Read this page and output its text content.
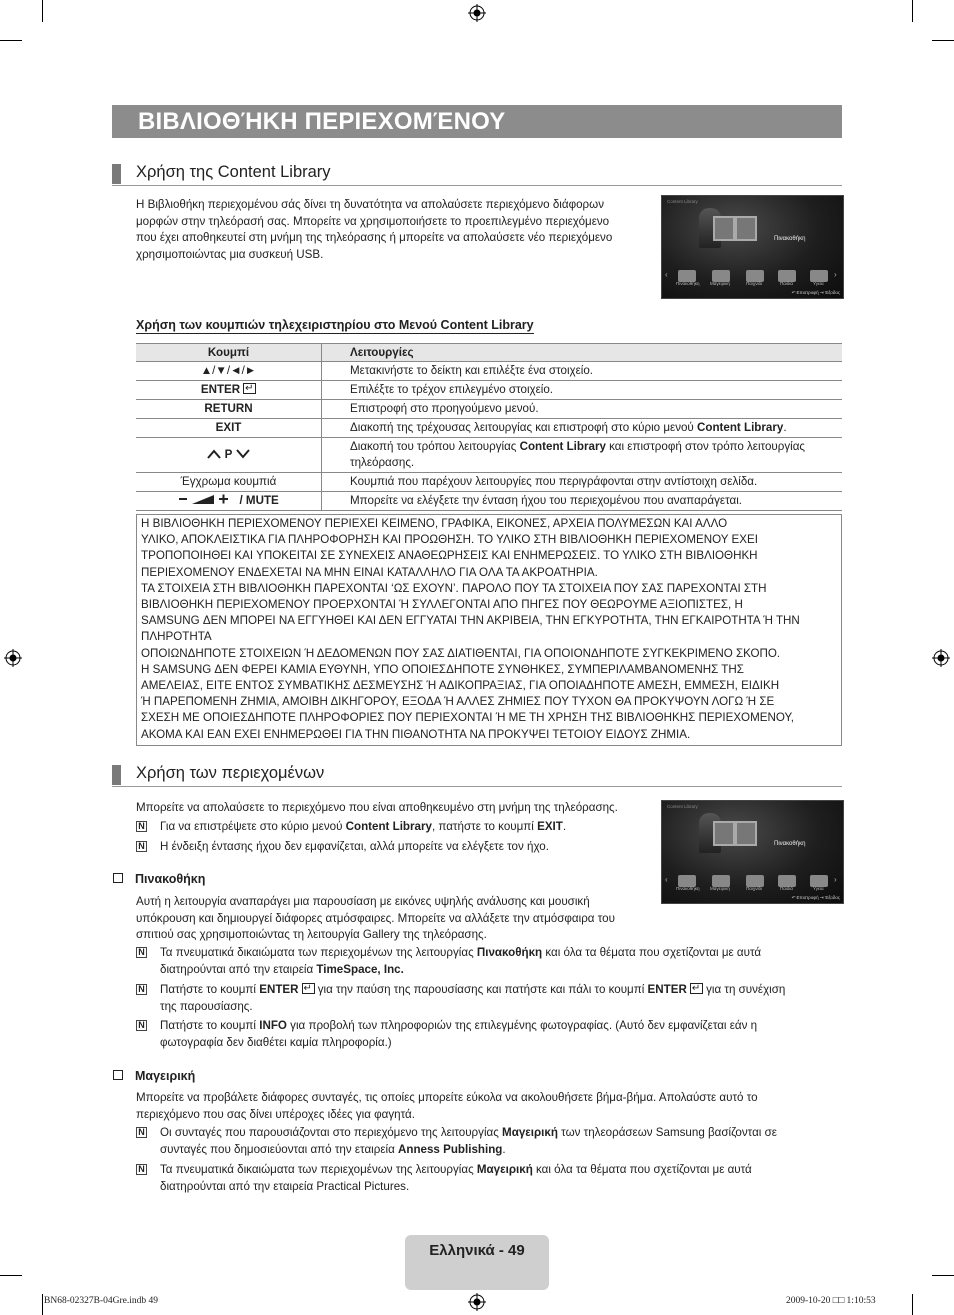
ΒΙΒΛΙΟΘΉΚΗ ΠΕΡΙΕΧΟΜΈΝΟΥ
Χρήση της Content Library

Η Βιβλιοθήκη περιεχομένου σάς δίνει τη δυνατότητα να απολαύσετε περιεχόμενο διάφορων

μορφών στην τηλεόρασή σας. Μπορείτε να χρησιμοποιήσετε το προεπιλεγμένο περιεχόμενο

που έχει αποθηκευτεί στη μνήμη της τηλεόρασης ή μπορείτε να απολαύσετε νέο περιεχόμενο

χρησιμοποιώντας μια συσκευή USB.

Content Library
Πινακοθήκη
‹	›
Πινακοθήκη Μαγειρική	Παιχνίδι	Παιδιά	Υγεία
↶ Επιστροφή ⇥ Έξοδος
Χρήση των κουμπιών τηλεχειριστηρίου στο Μενού Content Library
Κουμπί	Λειτουργίες
▲/▼/◄/►	Μετακινήστε το δείκτη και επιλέξτε ένα στοιχείο.
ENTER↵	Επιλέξτε το τρέχον επιλεγμένο στοιχείο.
RETURN	Επιστροφή στο προηγούμενο μενού.
EXIT	Διακοπή της τρέχουσας λειτουργίας και επιστροφή στο κύριο μενού Content Library.
P	Διακοπή του τρόπου λειτουργίας Content Library και επιστροφή στον τρόπο λειτουργίας
τηλεόρασης.
Έγχρωμα κουμπιά	Κουμπιά που παρέχουν λειτουργίες που περιγράφονται στην αντίστοιχη σελίδα.
/ MUTE	Μπορείτε να ελέγξετε την ένταση ήχου του περιεχομένου που αναπαράγεται.
Η ΒΙΒΛΙΟΘΗΚΗ ΠΕΡΙΕΧΟΜΕΝΟΥ ΠΕΡΙΕΧΕΙ ΚΕΙΜΕΝΟ, ΓΡΑΦΙΚΑ, ΕΙΚΟΝΕΣ, ΑΡΧΕΙΑ ΠΟΛΥΜΕΣΩΝ ΚΑΙ ΑΛΛΟ
ΥΛΙΚΟ, ΑΠΟΚΛΕΙΣΤΙΚΑ ΓΙΑ ΠΛΗΡΟΦΟΡΗΣΗ ΚΑΙ ΠΡΟΩΘΗΣΗ. ΤΟ ΥΛΙΚΟ ΣΤΗ ΒΙΒΛΙΟΘΗΚΗ ΠΕΡΙΕΧΟΜΕΝΟΥ ΕΧΕΙ
ΤΡΟΠΟΠΟΙΗΘΕΙ ΚΑΙ ΥΠΟΚΕΙΤΑΙ ΣΕ ΣΥΝΕΧΕΙΣ ΑΝΑΘΕΩΡΗΣΕΙΣ ΚΑΙ ΕΝΗΜΕΡΩΣΕΙΣ. ΤΟ ΥΛΙΚΟ ΣΤΗ ΒΙΒΛΙΟΘΗΚΗ
ΠΕΡΙΕΧΟΜΕΝΟΥ ΕΝΔΕΧΕΤΑΙ ΝΑ ΜΗΝ ΕΙΝΑΙ ΚΑΤΑΛΛΗΛΟ ΓΙΑ ΟΛΑ ΤΑ ΑΚΡΟΑΤΗΡΙΑ.
ΤΑ ΣΤΟΙΧΕΙΑ ΣΤΗ ΒΙΒΛΙΟΘΗΚΗ ΠΑΡΕΧΟΝΤΑΙ ‘ΩΣ ΕΧΟΥΝ’. ΠΑΡΟΛΟ ΠΟΥ ΤΑ ΣΤΟΙΧΕΙΑ ΠΟΥ ΣΑΣ ΠΑΡΕΧΟΝΤΑΙ ΣΤΗ
ΒΙΒΛΙΟΘΗΚΗ ΠΕΡΙΕΧΟΜΕΝΟΥ ΠΡΟΕΡΧΟΝΤΑΙ Ή ΣΥΛΛΕΓΟΝΤΑΙ ΑΠΟ ΠΗΓΕΣ ΠΟΥ ΘΕΩΡΟΥΜΕ ΑΞΙΟΠΙΣΤΕΣ, Η
SAMSUNG ΔΕΝ ΜΠΟΡΕΙ ΝΑ ΕΓΓΥΗΘΕΙ ΚΑΙ ΔΕΝ ΕΓΓΥΑΤΑΙ ΤΗΝ ΑΚΡΙΒΕΙΑ, ΤΗΝ ΕΓΚΥΡΟΤΗΤΑ, ΤΗΝ ΕΓΚΑΙΡΟΤΗΤΑ Ή ΤΗΝ
ΠΛΗΡΟΤΗΤΑ
ΟΠΟΙΩΝΔΗΠΟΤΕ ΣΤΟΙΧΕΙΩΝ Ή ΔΕΔΟΜΕΝΩΝ ΠΟΥ ΣΑΣ ΔΙΑΤΙΘΕΝΤΑΙ, ΓΙΑ ΟΠΟΙΟΝΔΗΠΟΤΕ ΣΥΓΚΕΚΡΙΜΕΝΟ ΣΚΟΠΟ.
Η SAMSUNG ΔΕΝ ΦΕΡΕΙ ΚΑΜΙΑ ΕΥΘΥΝΗ, ΥΠΟ ΟΠΟΙΕΣΔΗΠΟΤΕ ΣΥΝΘΗΚΕΣ, ΣΥΜΠΕΡΙΛΑΜΒΑΝΟΜΕΝΗΣ ΤΗΣ
ΑΜΕΛΕΙΑΣ, ΕΙΤΕ ΕΝΤΟΣ ΣΥΜΒΑΤΙΚΗΣ ΔΕΣΜΕΥΣΗΣ Ή ΑΔΙΚΟΠΡΑΞΙΑΣ, ΓΙΑ ΟΠΟΙΑΔΗΠΟΤΕ ΑΜΕΣΗ, ΕΜΜΕΣΗ, ΕΙΔΙΚΗ
Ή ΠΑΡΕΠΟΜΕΝΗ ΖΗΜΙΑ, ΑΜΟΙΒΗ ΔΙΚΗΓΟΡΟΥ, ΕΞΟΔΑ Ή ΑΛΛΕΣ ΖΗΜΙΕΣ ΠΟΥ ΤΥΧΟΝ ΘΑ ΠΡΟΚΥΨΟΥΝ ΛΟΓΩ Ή ΣΕ
ΣΧΕΣΗ ΜΕ ΟΠΟΙΕΣΔΗΠΟΤΕ ΠΛΗΡΟΦΟΡΙΕΣ ΠΟΥ ΠΕΡΙΕΧΟΝΤΑΙ Ή ΜΕ ΤΗ ΧΡΗΣΗ ΤΗΣ ΒΙΒΛΙΟΘΗΚΗΣ ΠΕΡΙΕΧΟΜΕΝΟΥ,
ΑΚΟΜΑ ΚΑΙ ΕΑΝ ΕΧΕΙ ΕΝΗΜΕΡΩΘΕΙ ΓΙΑ ΤΗΝ ΠΙΘΑΝΟΤΗΤΑ ΝΑ ΠΡΟΚΥΨΕΙ ΤΕΤΟΙΟΥ ΕΙΔΟΥΣ ΖΗΜΙΑ.
Χρήση των περιεχομένων
Μπορείτε να απολαύσετε το περιεχόμενο που είναι αποθηκευμένο στη μνήμη της τηλεόρασης.
N Για να επιστρέψετε στο κύριο μενού Content Library, πατήστε το κουμπί EXIT.
N Η ένδειξη έντασης ήχου δεν εμφανίζεται, αλλά μπορείτε να ελέγξετε τον ήχο.
Content Library
Πινακοθήκη
‹	›
Πινακοθήκη Μαγειρική	Παιχνίδι	Παιδιά	Υγεία
↶ Επιστροφή ⇥ Έξοδος
Πινακοθήκη

Αυτή η λειτουργία αναπαράγει μια παρουσίαση με εικόνες υψηλής ανάλυσης και μουσική

υπόκρουση και δημιουργεί διάφορες ατμόσφαιρες. Μπορείτε να αλλάξετε την ατμόσφαιρα του

σπιτιού σας χρησιμοποιώντας τη λειτουργία Gallery της τηλεόρασης.

N Τα πνευματικά δικαιώματα των περιεχομένων της λειτουργίας Πινακοθήκη και όλα τα θέματα που σχετίζονται με αυτά
διατηρούνται από την εταιρεία TimeSpace, Inc.
N Πατήστε το κουμπί ENTER↵ για την παύση της παρουσίασης και πατήστε και πάλι το κουμπί ENTER↵ για τη συνέχιση
της παρουσίασης.
N Πατήστε το κουμπί INFO για προβολή των πληροφοριών της επιλεγμένης φωτογραφίας. (Αυτό δεν εμφανίζεται εάν η
φωτογραφία δεν διαθέτει καμία πληροφορία.)
Μαγειρική

Μπορείτε να προβάλετε διάφορες συνταγές, τις οποίες μπορείτε εύκολα να ακολουθήσετε βήμα-βήμα. Απολαύστε αυτό το

περιεχόμενο που σας δίνει υπέροχες ιδέες για φαγητά.

N Οι συνταγές που παρουσιάζονται στο περιεχόμενο της λειτουργίας Μαγειρική των τηλεοράσεων Samsung βασίζονται σε
συνταγές που δημοσιεύονται από την εταιρεία Anness Publishing.
N Τα πνευματικά δικαιώματα των περιεχομένων της λειτουργίας Μαγειρική και όλα τα θέματα που σχετίζονται με αυτά
διατηρούνται από την εταιρεία Practical Pictures.
Ελληνικά - 49
BN68-02327B-04Gre.indb 49	2009-10-20 □□ 1:10:53
